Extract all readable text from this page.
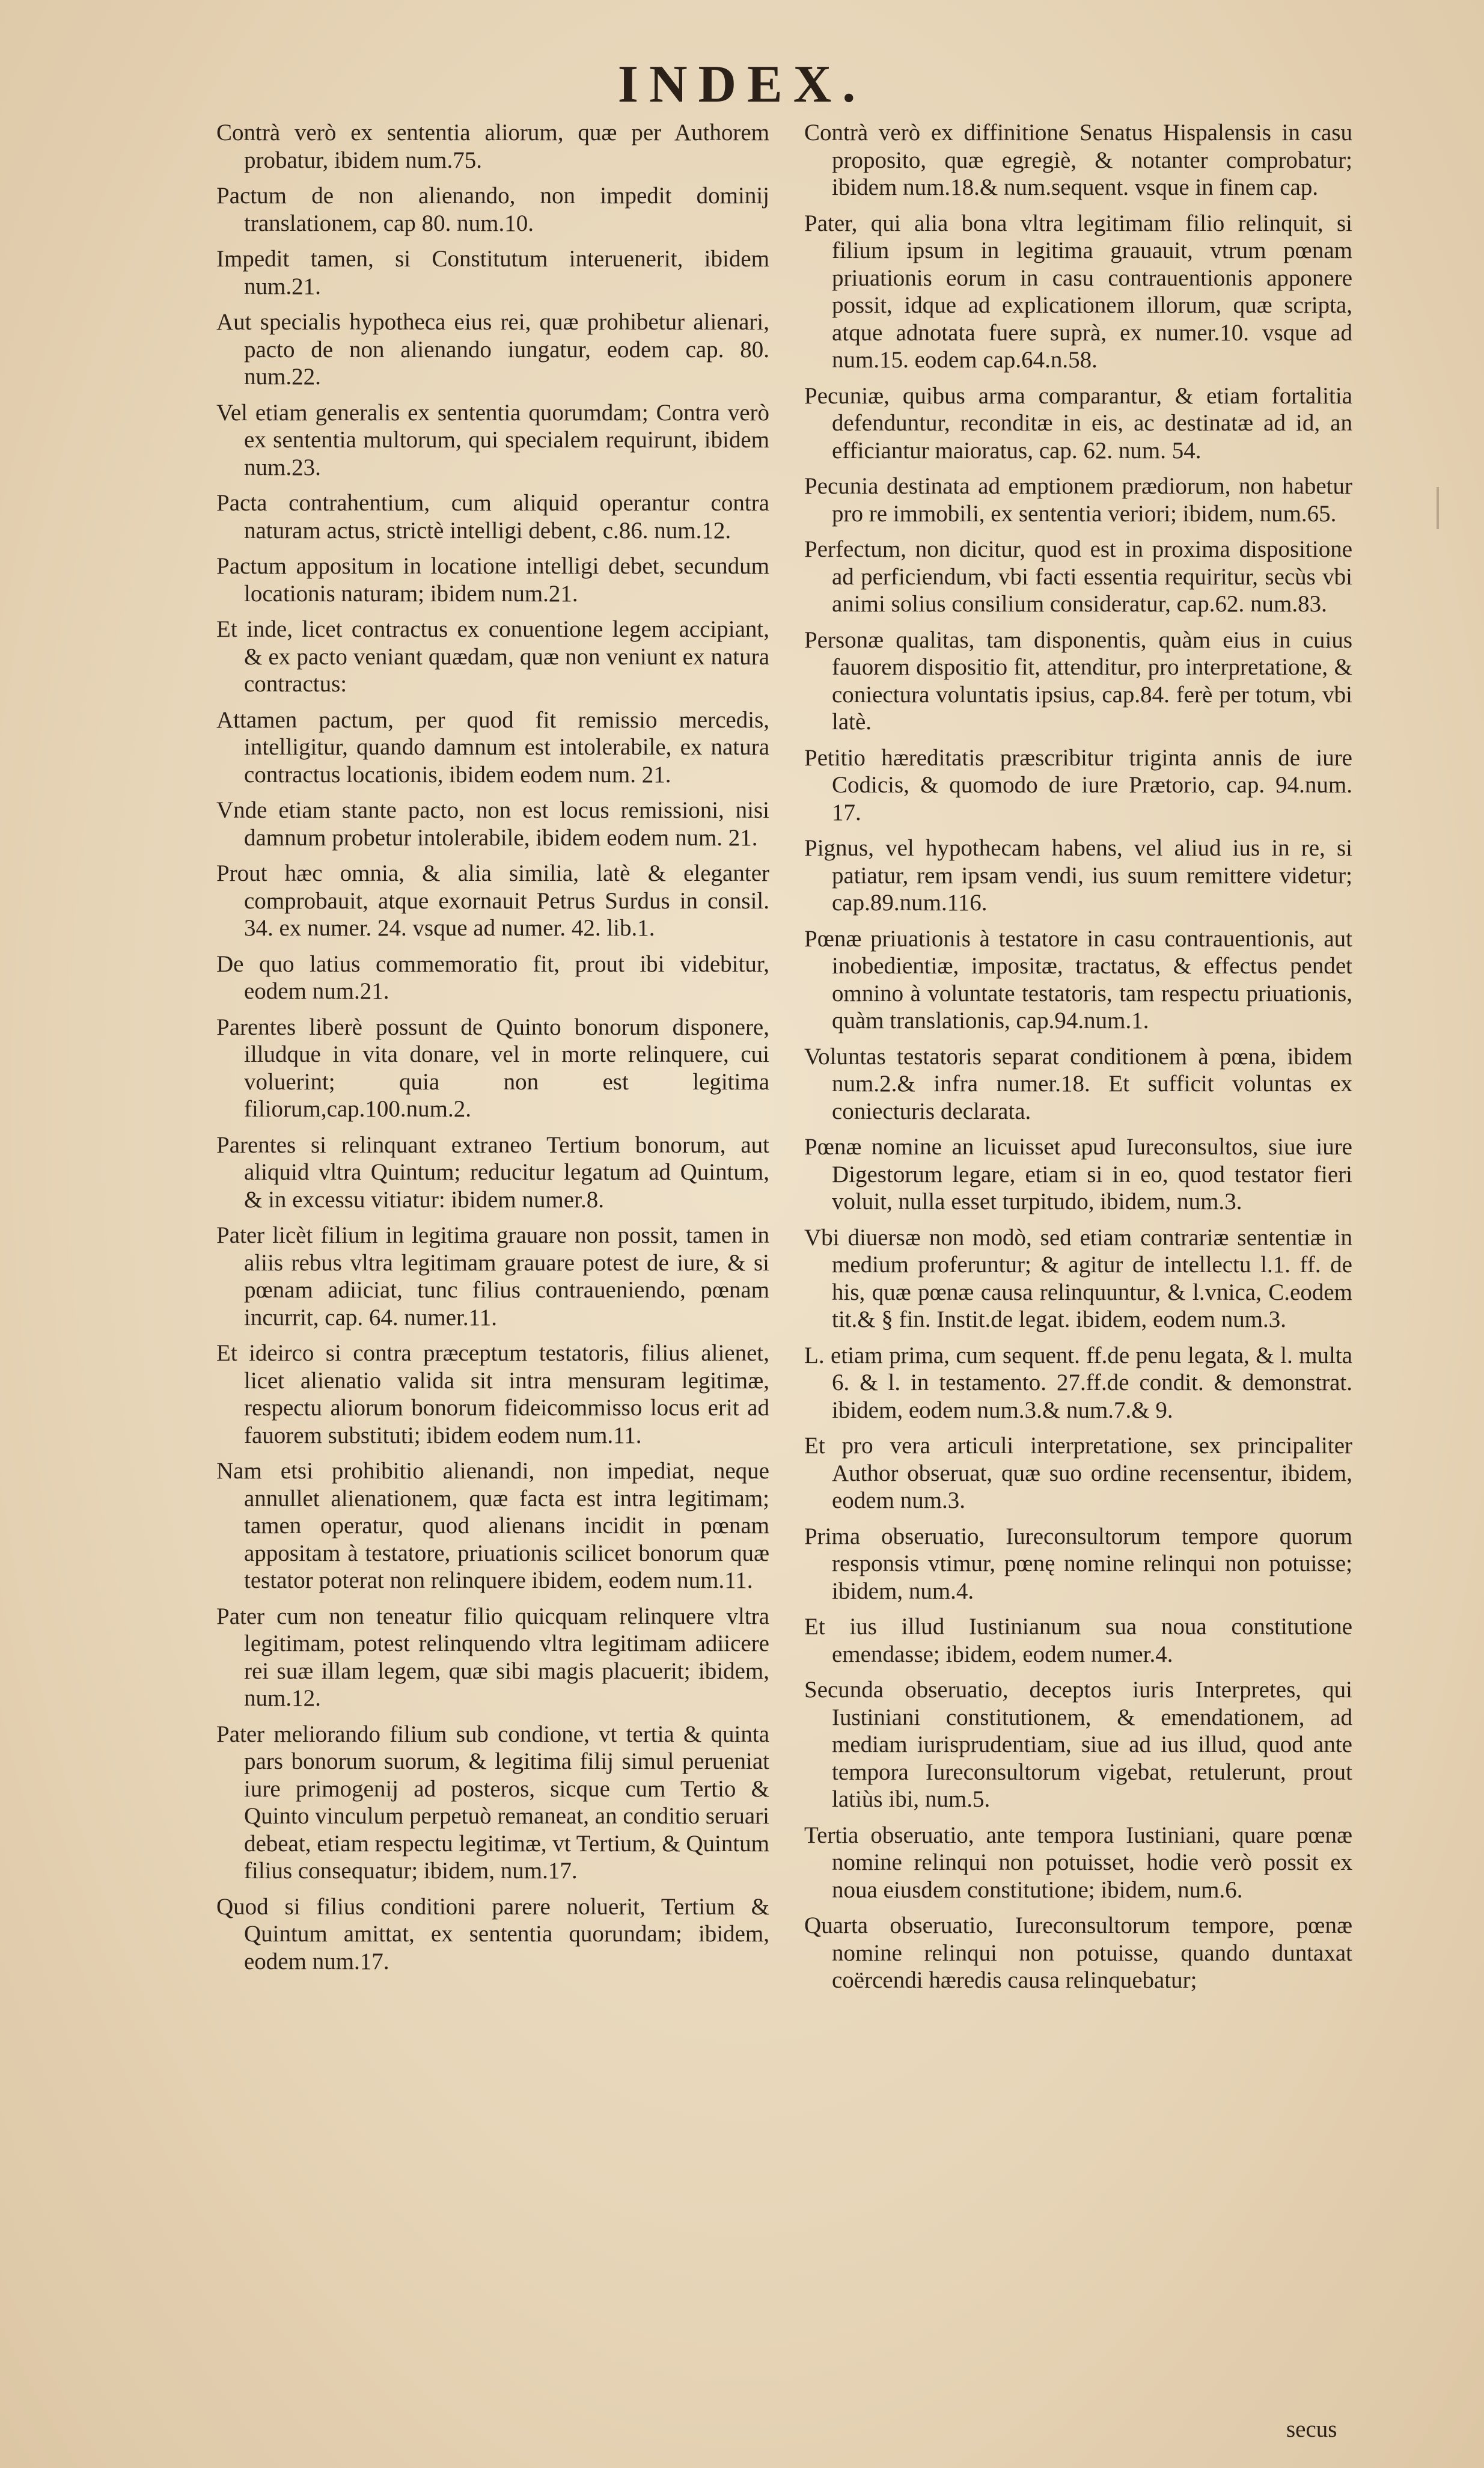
INDEX.

Contrà verò ex sententia aliorum, quæ per Authorem probatur, ibidem num.75.

Pactum de non alienando, non impedit dominij translationem, cap 80. num.10.

Impedit tamen, si Constitutum interuenerit, ibidem num.21.

Aut specialis hypotheca eius rei, quæ prohibetur alienari, pacto de non alienando iungatur, eodem cap. 80. num.22.

Vel etiam generalis ex sententia quorumdam; Contra verò ex sententia multorum, qui specialem requirunt, ibidem num.23.

Pacta contrahentium, cum aliquid operantur contra naturam actus, strictè intelligi debent, c.86. num.12.

Pactum appositum in locatione intelligi debet, secundum locationis naturam; ibidem num.21.

Et inde, licet contractus ex conuentione legem accipiant, & ex pacto veniant quædam, quæ non veniunt ex natura contractus:

Attamen pactum, per quod fit remissio mercedis, intelligitur, quando damnum est intolerabile, ex natura contractus locationis, ibidem eodem num. 21.

Vnde etiam stante pacto, non est locus remissioni, nisi damnum probetur intolerabile, ibidem eodem num. 21.

Prout hæc omnia, & alia similia, latè & eleganter comprobauit, atque exornauit Petrus Surdus in consil. 34. ex numer. 24. vsque ad numer. 42. lib.1.

De quo latius commemoratio fit, prout ibi videbitur, eodem num.21.

Parentes liberè possunt de Quinto bonorum disponere, illudque in vita donare, vel in morte relinquere, cui voluerint; quia non est legitima filiorum,cap.100.num.2.

Parentes si relinquant extraneo Tertium bonorum, aut aliquid vltra Quintum; reducitur legatum ad Quintum, & in excessu vitiatur: ibidem numer.8.

Pater licèt filium in legitima grauare non possit, tamen in aliis rebus vltra legitimam grauare potest de iure, & si pœnam adiiciat, tunc filius contraueniendo, pœnam incurrit, cap. 64. numer.11.

Et ideirco si contra præceptum testatoris, filius alienet, licet alienatio valida sit intra mensuram legitimæ, respectu aliorum bonorum fideicommisso locus erit ad fauorem substituti; ibidem eodem num.11.

Nam etsi prohibitio alienandi, non impediat, neque annullet alienationem, quæ facta est intra legitimam; tamen operatur, quod alienans incidit in pœnam appositam à testatore, priuationis scilicet bonorum quæ testator poterat non relinquere ibidem, eodem num.11.

Pater cum non teneatur filio quicquam relinquere vltra legitimam, potest relinquendo vltra legitimam adiicere rei suæ illam legem, quæ sibi magis placuerit; ibidem, num.12.

Pater meliorando filium sub condione, vt tertia & quinta pars bonorum suorum, & legitima filij simul perueniat iure primogenij ad posteros, sicque cum Tertio & Quinto vinculum perpetuò remaneat, an conditio seruari debeat, etiam respectu legitimæ, vt Tertium, & Quintum filius consequatur; ibidem, num.17.

Quod si filius conditioni parere noluerit, Tertium & Quintum amittat, ex sententia quorundam; ibidem, eodem num.17.

Contrà verò ex diffinitione Senatus Hispalensis in casu proposito, quæ egregiè, & notanter comprobatur; ibidem num.18.& num.sequent. vsque in finem cap.

Pater, qui alia bona vltra legitimam filio relinquit, si filium ipsum in legitima grauauit, vtrum pœnam priuationis eorum in casu contrauentionis apponere possit, idque ad explicationem illorum, quæ scripta, atque adnotata fuere suprà, ex numer.10. vsque ad num.15. eodem cap.64.n.58.

Pecuniæ, quibus arma comparantur, & etiam fortalitia defenduntur, reconditæ in eis, ac destinatæ ad id, an efficiantur maioratus, cap. 62. num. 54.

Pecunia destinata ad emptionem prædiorum, non habetur pro re immobili, ex sententia veriori; ibidem, num.65.

Perfectum, non dicitur, quod est in proxima dispositione ad perficiendum, vbi facti essentia requiritur, secùs vbi animi solius consilium consideratur, cap.62. num.83.

Personæ qualitas, tam disponentis, quàm eius in cuius fauorem dispositio fit, attenditur, pro interpretatione, & coniectura voluntatis ipsius, cap.84. ferè per totum, vbi latè.

Petitio hæreditatis præscribitur triginta annis de iure Codicis, & quomodo de iure Prætorio, cap. 94.num. 17.

Pignus, vel hypothecam habens, vel aliud ius in re, si patiatur, rem ipsam vendi, ius suum remittere videtur; cap.89.num.116.

Pœnæ priuationis à testatore in casu contrauentionis, aut inobedientiæ, impositæ, tractatus, & effectus pendet omnino à voluntate testatoris, tam respectu priuationis, quàm translationis, cap.94.num.1.

Voluntas testatoris separat conditionem à pœna, ibidem num.2.& infra numer.18. Et sufficit voluntas ex coniecturis declarata.

Pœnæ nomine an licuisset apud Iureconsultos, siue iure Digestorum legare, etiam si in eo, quod testator fieri voluit, nulla esset turpitudo, ibidem, num.3.

Vbi diuersæ non modò, sed etiam contrariæ sententiæ in medium proferuntur; & agitur de intellectu l.1. ff. de his, quæ pœnæ causa relinquuntur, & l.vnica, C.eodem tit.& § fin. Instit.de legat. ibidem, eodem num.3.

L. etiam prima, cum sequent. ff.de penu legata, & l. multa 6. & l. in testamento. 27.ff.de condit. & demonstrat. ibidem, eodem num.3.& num.7.& 9.

Et pro vera articuli interpretatione, sex principaliter Author obseruat, quæ suo ordine recensentur, ibidem, eodem num.3.

Prima obseruatio, Iureconsultorum tempore quorum responsis vtimur, pœnę nomine relinqui non potuisse; ibidem, num.4.

Et ius illud Iustinianum sua noua constitutione emendasse; ibidem, eodem numer.4.

Secunda obseruatio, deceptos iuris Interpretes, qui Iustiniani constitutionem, & emendationem, ad mediam iurisprudentiam, siue ad ius illud, quod ante tempora Iureconsultorum vigebat, retulerunt, prout latiùs ibi, num.5.

Tertia obseruatio, ante tempora Iustiniani, quare pœnæ nomine relinqui non potuisset, hodie verò possit ex noua eiusdem constitutione; ibidem, num.6.

Quarta obseruatio, Iureconsultorum tempore, pœnæ nomine relinqui non potuisse, quando duntaxat coërcendi hæredis causa relinquebatur;

secus
